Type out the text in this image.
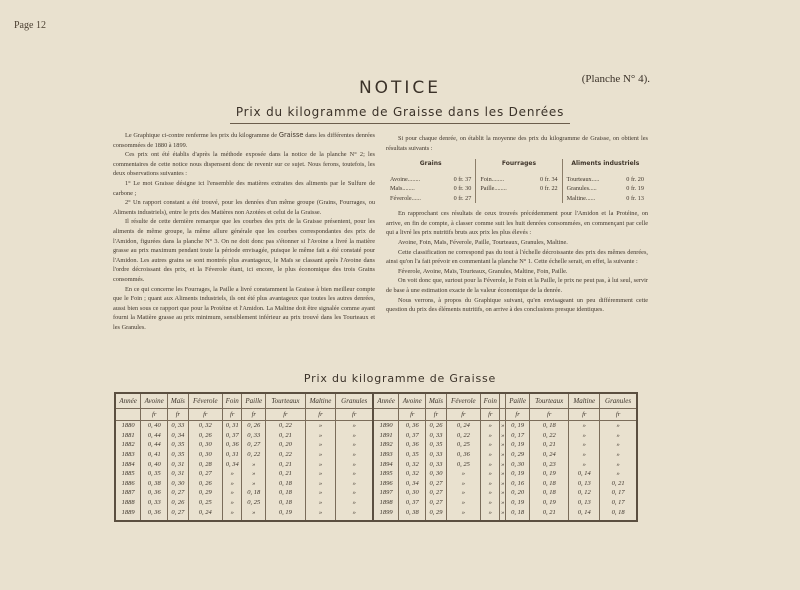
Page 12
NOTICE	(Planche N° 4).
Prix du kilogramme de Graisse dans les Denrées

Le Graphique ci-contre renferme les prix du kilogramme de Graisse dans les différentes denrées consommées de 1880 à 1899.

Ces prix ont été établis d'après la méthode exposée dans la notice de la planche N° 2; les commentaires de cette notice nous dispensent donc de revenir sur ce sujet. Nous ferons, toutefois, les deux observations suivantes :

1° Le mot Graisse désigne ici l'ensemble des matières extraites des aliments par le Sulfure de carbone ;

2° Un rapport constant a été trouvé, pour les denrées d'un même groupe (Grains, Fourrages, ou Aliments industriels), entre le prix des Matières non Azotées et celui de la Graisse.

Il résulte de cette dernière remarque que les courbes des prix de la Graisse présentent, pour les aliments de même groupe, la même allure générale que les courbes correspondantes des prix de l'Amidon, figurées dans la planche N° 3. On ne doit donc pas s'étonner si l'Avoine a livré la matière grasse au prix maximum pendant toute la période envisagée, puisque le même fait a été constaté pour l'Amidon. Les autres grains se sont montrés plus avantageux, le Maïs se classant après l'Avoine dans l'ordre décroissant des prix, et la Féverole étant, ici encore, le plus économique des trois Grains consommés.

En ce qui concerne les Fourrages, la Paille a livré constamment la Graisse à bien meilleur compte que le Foin ; quant aux Aliments industriels, ils ont été plus avantageux que toutes les autres denrées, aussi bien sous ce rapport que pour la Protéine et l'Amidon. La Maltine doit être signalée comme ayant fourni la Matière grasse au prix minimum, sensiblement inférieur au prix trouvé dans les Tourteaux et les Granules.

Si pour chaque denrée, on établit la moyenne des prix du kilogramme de Graisse, on obtient les résultats suivants :

Grains
Avoine........	0 fr. 37
Maïs........	0 fr. 30
Féverole......	0 fr. 27
Fourrages
Foin........	0 fr. 34
Paille........	0 fr. 22
Aliments industriels
Tourteaux.....	0 fr. 20
Granules.....	0 fr. 19
Maltine......	0 fr. 13

En rapprochant ces résultats de ceux trouvés précédemment pour l'Amidon et la Protéine, on arrive, en fin de compte, à classer comme suit les huit denrées consommées, en commençant par celle qui a livré les prix nutritifs bruts aux prix les plus élevés :

Avoine, Foin, Maïs, Féverole, Paille, Tourteaux, Granules, Maltine.

Cette classification ne correspond pas du tout à l'échelle décroissante des prix des mêmes denrées, ainsi qu'on l'a fait prévoir en commentant la planche N° 1. Cette échelle serait, en effet, la suivante :

Féverole, Avoine, Maïs, Tourteaux, Granules, Maltine, Foin, Paille.

On voit donc que, surtout pour la Féverole, le Foin et la Paille, le prix ne peut pas, à lui seul, servir de base à une estimation exacte de la valeur économique de la denrée.

Nous verrons, à propos du Graphique suivant, qu'en envisageant un peu différemment cette question du prix des éléments nutritifs, on arrive à des conclusions presque identiques.

Prix du kilogramme de Graisse
Année	Avoine	Maïs	Féverole	Foin	Paille	Tourteaux	Maltine	Granules	Année	Avoine	Maïs	Féverole	Foin		Paille	Tourteaux	Maltine	Granules
	fr	fr	fr	fr	fr	fr	fr	fr		fr	fr	fr	fr		fr	fr	fr	fr
1880	0, 40	0, 33	0, 32	0, 31	0, 26	0, 22	»	»	1890	0, 36	0, 26	0, 24	»	»	0, 19	0, 18	»	»
1881	0, 44	0, 34	0, 26	0, 37	0, 33	0, 21	»	»	1891	0, 37	0, 33	0, 22	»	»	0, 17	0, 22	»	»
1882	0, 44	0, 35	0, 30	0, 36	0, 27	0, 20	»	»	1892	0, 36	0, 35	0, 25	»	»	0, 19	0, 21	»	»
1883	0, 41	0, 35	0, 30	0, 31	0, 22	0, 22	»	»	1893	0, 35	0, 33	0, 36	»	»	0, 29	0, 24	»	»
1884	0, 40	0, 31	0, 28	0, 34	»	0, 21	»	»	1894	0, 32	0, 33	0, 25	»	»	0, 30	0, 23	»	»
1885	0, 35	0, 31	0, 27	»	»	0, 21	»	»	1895	0, 32	0, 30	»	»	»	0, 19	0, 19	0, 14	»
1886	0, 38	0, 30	0, 26	»	»	0, 18	»	»	1896	0, 34	0, 27	»	»	»	0, 16	0, 18	0, 13	0, 21
1887	0, 36	0, 27	0, 29	»	0, 18	0, 18	»	»	1897	0, 30	0, 27	»	»	»	0, 20	0, 18	0, 12	0, 17
1888	0, 33	0, 26	0, 25	»	0, 25	0, 18	»	»	1898	0, 37	0, 27	»	»	»	0, 19	0, 19	0, 13	0, 17
1889	0, 36	0, 27	0, 24	»	»	0, 19	»	»	1899	0, 38	0, 29	»	»	»	0, 18	0, 21	0, 14	0, 18
